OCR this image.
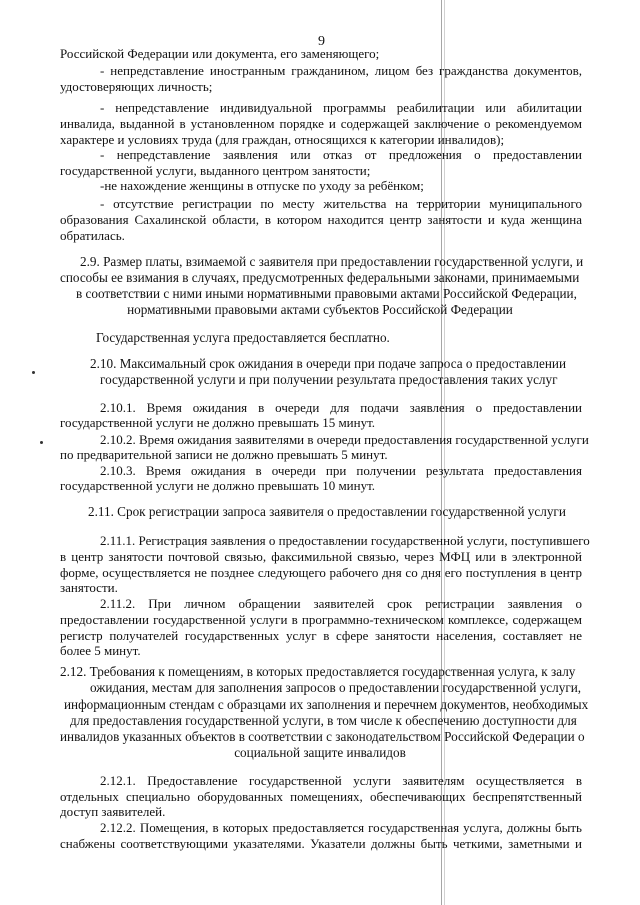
9
Российской Федерации или документа, его заменяющего;
- непредставление иностранным гражданином, лицом без гражданства документов,
удостоверяющих личность;
- непредставление индивидуальной программы реабилитации или абилитации
инвалида, выданной в установленном порядке и содержащей заключение о рекомендуемом
характере и условиях труда (для граждан, относящихся к категории инвалидов);
- непредставление заявления или отказ от предложения о предоставлении
государственной услуги, выданного центром занятости;
-не нахождение женщины в отпуске по уходу за ребёнком;
- отсутствие регистрации по месту жительства на территории муниципального
образования Сахалинской области, в котором находится центр занятости и куда женщина
обратилась.
2.9. Размер платы, взимаемой с заявителя при предоставлении государственной услуги, и
способы ее взимания в случаях, предусмотренных федеральными законами, принимаемыми
в соответствии с ними иными нормативными правовыми актами Российской Федерации,
нормативными правовыми актами субъектов Российской Федерации
Государственная услуга предоставляется бесплатно.
2.10. Максимальный срок ожидания в очереди при подаче запроса о предоставлении
государственной услуги и при получении результата предоставления таких услуг
2.10.1. Время ожидания в очереди для подачи заявления о предоставлении
государственной услуги не должно превышать 15 минут.
2.10.2. Время ожидания заявителями в очереди предоставления государственной услуги
по предварительной записи не должно превышать 5 минут.
2.10.3. Время ожидания в очереди при получении результата предоставления
государственной услуги не должно превышать 10 минут.
2.11. Срок регистрации запроса заявителя о предоставлении государственной услуги
2.11.1. Регистрация заявления о предоставлении государственной услуги, поступившего
в центр занятости почтовой связью, факсимильной связью, через МФЦ или в электронной
форме, осуществляется не позднее следующего рабочего дня со дня его поступления в центр
занятости.
2.11.2. При личном обращении заявителей срок регистрации заявления о
предоставлении государственной услуги в программно-техническом комплексе, содержащем
регистр получателей государственных услуг в сфере занятости населения, составляет не
более 5 минут.
2.12. Требования к помещениям, в которых предоставляется государственная услуга, к залу
ожидания, местам для заполнения запросов о предоставлении государственной услуги,
информационным стендам с образцами их заполнения и перечнем документов, необходимых
для предоставления государственной услуги, в том числе к обеспечению доступности для
инвалидов указанных объектов в соответствии с законодательством Российской Федерации о
социальной защите инвалидов
2.12.1. Предоставление государственной услуги заявителям осуществляется в
отдельных специально оборудованных помещениях, обеспечивающих беспрепятственный
доступ заявителей.
2.12.2. Помещения, в которых предоставляется государственная услуга, должны быть
снабжены соответствующими указателями. Указатели должны быть четкими, заметными и
